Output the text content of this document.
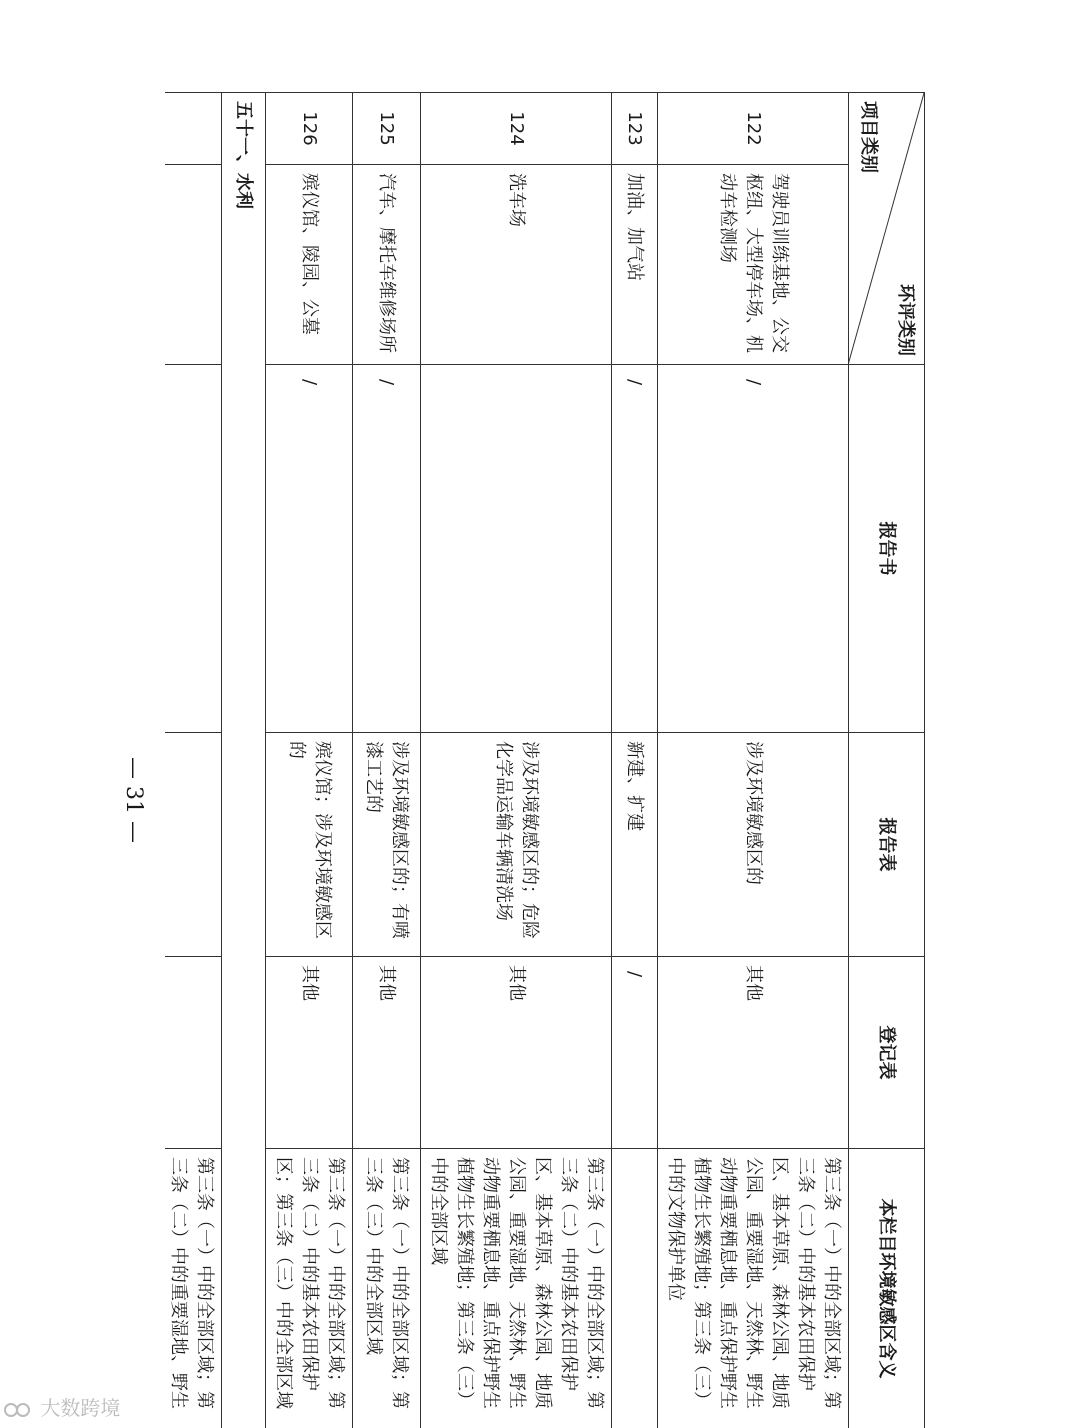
环评类别
项目类别		报告书	报告表	登记表	本栏目环境敏感区含义
122	驾驶员训练基地、公交枢纽、大型停车场、机动车检测场	/	涉及环境敏感区的	其他	第三条（一）中的全部区域；第三条（二）中的基本农田保护区、基本草原、森林公园、地质公园、重要湿地、天然林、野生动物重要栖息地、重点保护野生植物生长繁殖地；第三条（三）中的文物保护单位
123	加油、加气站	/	新建、扩建	/	
124	洗车场		涉及环境敏感区的；危险化学品运输车辆清洗场	其他	第三条（一）中的全部区域；第三条（二）中的基本农田保护区、基本草原、森林公园、地质公园、重要湿地、天然林、野生动物重要栖息地、重点保护野生植物生长繁殖地；第三条（三）中的全部区域
125	汽车、摩托车维修场所	/	涉及环境敏感区的；有喷漆工艺的	其他	第三条（一）中的全部区域；第三条（三）中的全部区域
126	殡仪馆、陵园、公墓	/	殡仪馆；涉及环境敏感区的	其他	第三条（一）中的全部区域；第三条（二）中的基本农田保护区；第三条（三）中的全部区域
五十一、水利					
					第三条（一）中的全部区域；第三条（二）中的重要湿地、野生

— 31 —
大数跨境
